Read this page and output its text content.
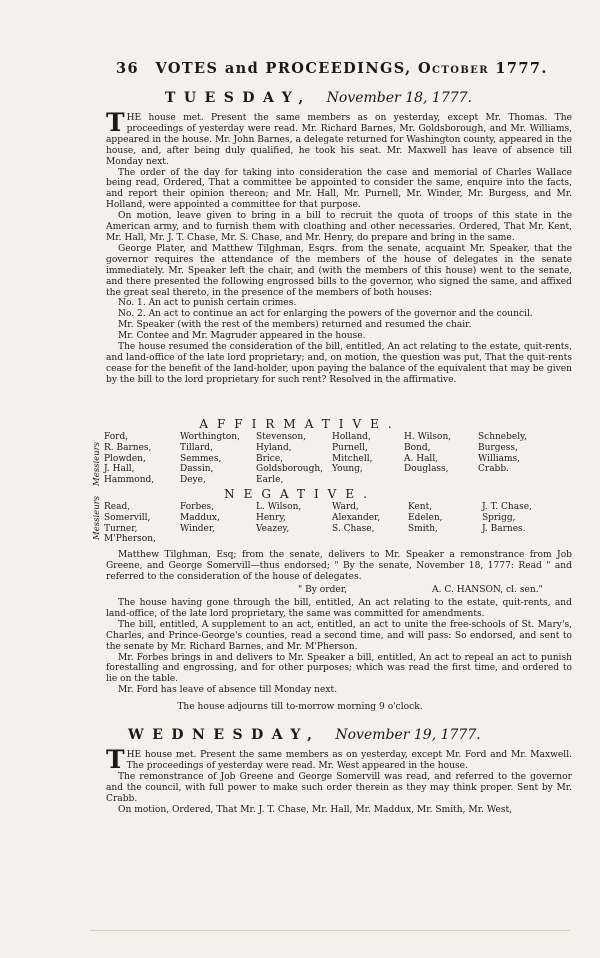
36 VOTES and PROCEEDINGS, October 1777.
TUESDAY, November 18, 1777.

THE house met. Present the same members as on yesterday, except Mr. Thomas. The proceedings of yesterday were read. Mr. Richard Barnes, Mr. Goldsborough, and Mr. Williams, appeared in the house. Mr. John Barnes, a delegate returned for Washington county, appeared in the house, and, after being duly qualified, he took his seat. Mr. Maxwell has leave of absence till Monday next.

The order of the day for taking into consideration the case and memorial of Charles Wallace being read, Ordered, That a committee be appointed to consider the same, enquire into the facts, and report their opinion thereon; and Mr. Hall, Mr. Purnell, Mr. Winder, Mr. Burgess, and Mr. Holland, were appointed a committee for that purpose.

On motion, leave given to bring in a bill to recruit the quota of troops of this state in the American army, and to furnish them with cloathing and other necessaries. Ordered, That Mr. Kent, Mr. Hall, Mr. J. T. Chase, Mr. S. Chase, and Mr. Henry, do prepare and bring in the same.

George Plater, and Matthew Tilghman, Esqrs. from the senate, acquaint Mr. Speaker, that the governor requires the attendance of the members of the house of delegates in the senate immediately. Mr. Speaker left the chair, and (with the members of this house) went to the senate, and there presented the following engrossed bills to the governor, who signed the same, and affixed the great seal thereto, in the presence of the members of both houses:

No. 1. An act to punish certain crimes.

No. 2. An act to continue an act for enlarging the powers of the governor and the council.

Mr. Speaker (with the rest of the members) returned and resumed the chair.

Mr. Contee and Mr. Magruder appeared in the house.

The house resumed the consideration of the bill, entitled, An act relating to the estate, quit-rents, and land-office of the late lord proprietary; and, on motion, the question was put, That the quit-rents cease for the benefit of the land-holder, upon paying the balance of the equivalent that may be given by the bill to the lord proprietary for such rent? Resolved in the affirmative.

AFFIRMATIVE.
Messieurs
Ford,
R. Barnes,
Plowden,
J. Hall,
Hammond,
Worthington,
Tillard,
Semmes,
Dassin,
Deye,
Stevenson,
Hyland,
Brice,
Goldsborough,
Earle,
Holland,
Purnell,
Mitchell,
Young,
H. Wilson,
Bond,
A. Hall,
Douglass,
Schnebely,
Burgess,
Williams,
Crabb.
NEGATIVE.
Messieurs Read,
Somervill,
Turner,
M'Pherson,
Forbes,
Maddux,
Winder,
L. Wilson,
Henry,
Veazey,
Ward,
Alexander,
S. Chase,
Kent,
Edelen,
Smith,
J. T. Chase,
Sprigg,
J. Barnes.

Matthew Tilghman, Esq; from the senate, delivers to Mr. Speaker a remonstrance from Job Greene, and George Somervill—thus endorsed; " By the senate, November 18, 1777: Read " and referred to the consideration of the house of delegates.

" By order,	A. C. HANSON, cl. sen."

The house having gone through the bill, entitled, An act relating to the estate, quit-rents, and land-office, of the late lord proprietary, the same was committed for amendments.

The bill, entitled, A supplement to an act, entitled, an act to unite the free-schools of St. Mary's, Charles, and Prince-George's counties, read a second time, and will pass: So endorsed, and sent to the senate by Mr. Richard Barnes, and Mr. M'Pherson.

Mr. Forbes brings in and delivers to Mr. Speaker a bill, entitled, An act to repeal an act to punish forestalling and engrossing, and for other purposes; which was read the first time, and ordered to lie on the table.

Mr. Ford has leave of absence till Monday next.

The house adjourns till to-morrow morning 9 o'clock.
WEDNESDAY, November 19, 1777.

THE house met. Present the same members as on yesterday, except Mr. Ford and Mr. Maxwell. The proceedings of yesterday were read. Mr. West appeared in the house.

The remonstrance of Job Greene and George Somervill was read, and referred to the governor and the council, with full power to make such order therein as they may think proper. Sent by Mr. Crabb.

On motion, Ordered, That Mr. J. T. Chase, Mr. Hall, Mr. Maddux, Mr. Smith, Mr. West,
